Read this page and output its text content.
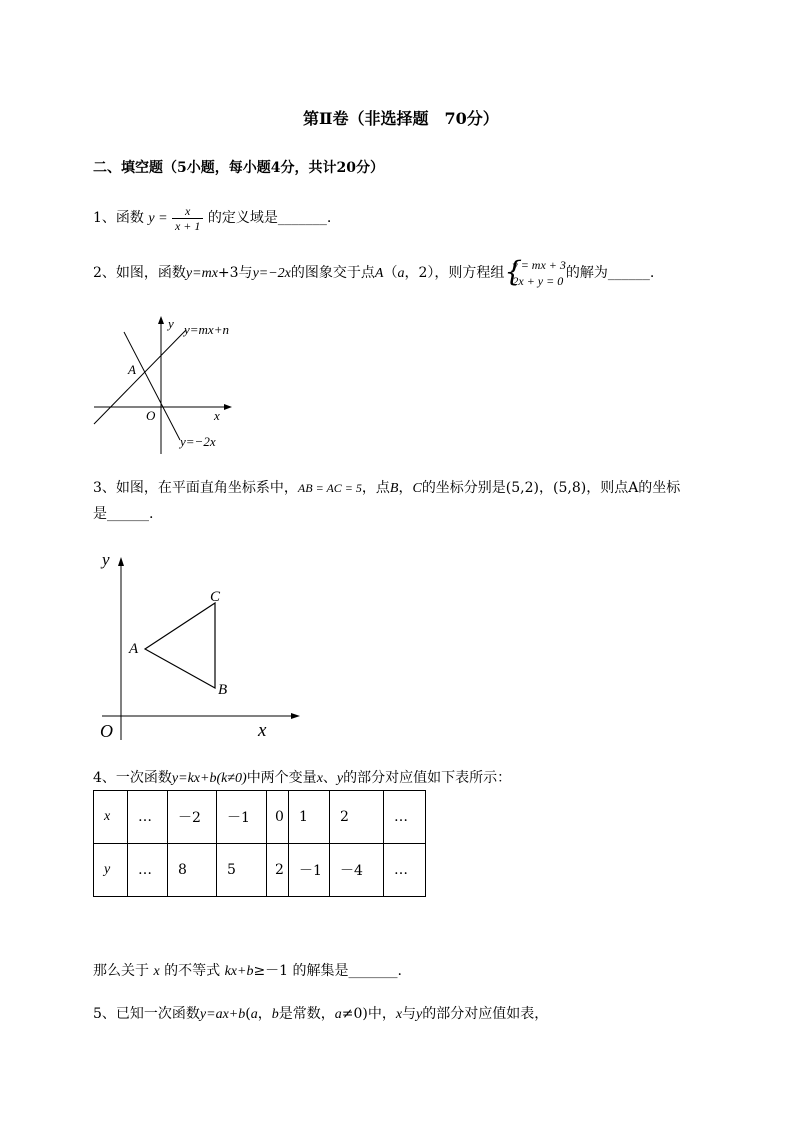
第Ⅱ卷（非选择题　70分）
二、填空题（5小题，每小题4分，共计20分）
1、函数 $y = \frac{x}{x + 1}$ 的定义域是_______.
2、如图，函数y=mx+3与y=−2x的图象交于点A（a，2），则方程组 {
y = mx + 3
2x + y = 0 的解为______.
y
x
O
A
y=mx+n
y=−2x
3、如图，在平面直角坐标系中，AB = AC = 5，点B，C的坐标分别是(5,2)，(5,8)，则点A的坐标
是______.
y
x
O
A
C
B
4、一次函数y=kx+b(k≠0)中两个变量x、y的部分对应值如下表所示：
x	…	－2	－1	0	1	2	…
y	…	8	5	2	－1	－4	…
那么关于 x 的不等式 kx+b≥－1 的解集是_______.
5、已知一次函数y=ax+b(a，b是常数，a≠0)中，x与y的部分对应值如表，
